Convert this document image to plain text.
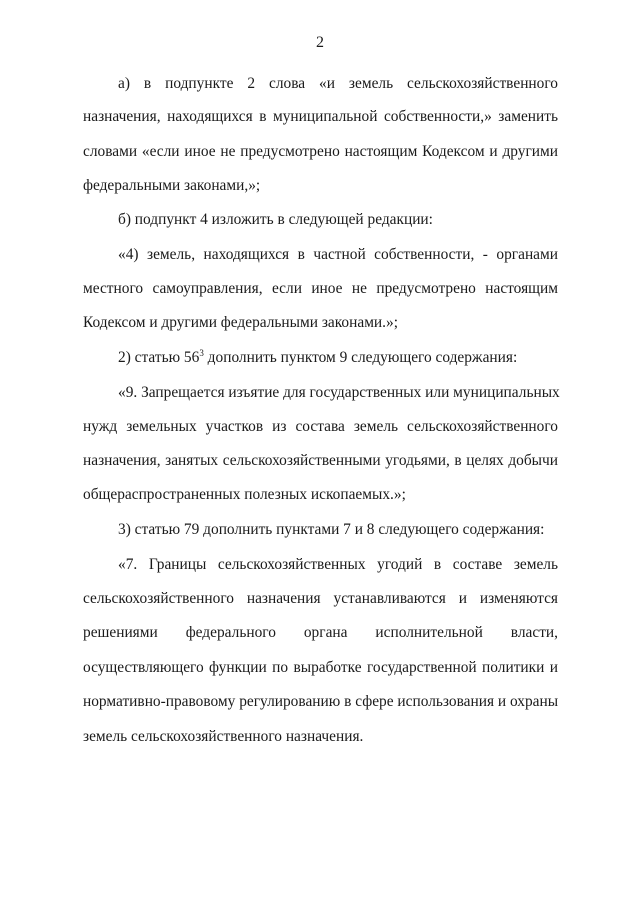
2
а) в подпункте 2 слова «и земель сельскохозяйственного
назначения, находящихся в муниципальной собственности,» заменить
словами «если иное не предусмотрено настоящим Кодексом и другими
федеральными законами,»;
б) подпункт 4 изложить в следующей редакции:
«4) земель, находящихся в частной собственности, - органами
местного самоуправления, если иное не предусмотрено настоящим
Кодексом и другими федеральными законами.»;
2) статью $56^3$ дополнить пунктом 9 следующего содержания:
«9. Запрещается изъятие для государственных или муниципальных
нужд земельных участков из состава земель сельскохозяйственного
назначения, занятых сельскохозяйственными угодьями, в целях добычи
общераспространенных полезных ископаемых.»;
3) статью 79 дополнить пунктами 7 и 8 следующего содержания:
«7. Границы сельскохозяйственных угодий в составе земель
сельскохозяйственного назначения устанавливаются и изменяются
решениями федерального органа исполнительной власти,
осуществляющего функции по выработке государственной политики и
нормативно-правовому регулированию в сфере использования и охраны
земель сельскохозяйственного назначения.
